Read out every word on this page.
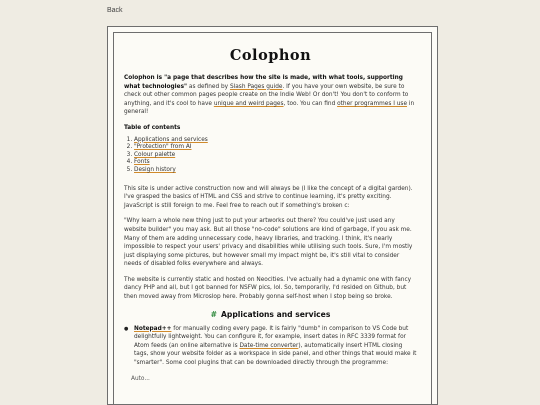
Back
Colophon

Colophon is "a page that describes how the site is made, with what tools, supporting what technologies" as defined by Slash Pages guide. If you have your own website, be sure to check out other common pages people create on the Indie Web! Or don't! You don't to conform to anything, and it's cool to have unique and weird pages, too. You can find other programmes I use in general!

Table of contents

1. Applications and services
2. "Protection" from AI
3. Colour palette
4. Fonts
5. Design history

This site is under active construction now and will always be (I like the concept of a digital garden). I've grasped the basics of HTML and CSS and strive to continue learning, it's pretty exciting. JavaScript is still foreign to me. Feel free to reach out if something's broken c:

"Why learn a whole new thing just to put your artworks out there? You could've just used any website builder" you may ask. But all those "no-code" solutions are kind of garbage, if you ask me. Many of them are adding unnecessary code, heavy libraries, and tracking. I think, it's nearly impossible to respect your users' privacy and disabilities while utilising such tools. Sure, I'm mostly just displaying some pictures, but however small my impact might be, it's still vital to consider needs of disabled folks everywhere and always.

The website is currently static and hosted on Neocities. I've actually had a dynamic one with fancy dancy PHP and all, but I got banned for NSFW pics, lol. So, temporarily, I'd resided on Github, but then moved away from Microslop here. Probably gonna self-host when I stop being so broke.

# Applications and services
● Notepad++ for manually coding every page. It is fairly "dumb" in comparison to VS Code but delightfully lightweight. You can configure it, for example, insert dates in RFC 3339 format for Atom feeds (an online alternative is Date-time converter), automatically insert HTML closing tags, show your website folder as a workspace in side panel, and other things that would make it "smarter". Some cool plugins that can be downloaded directly through the programme:
Auto...
